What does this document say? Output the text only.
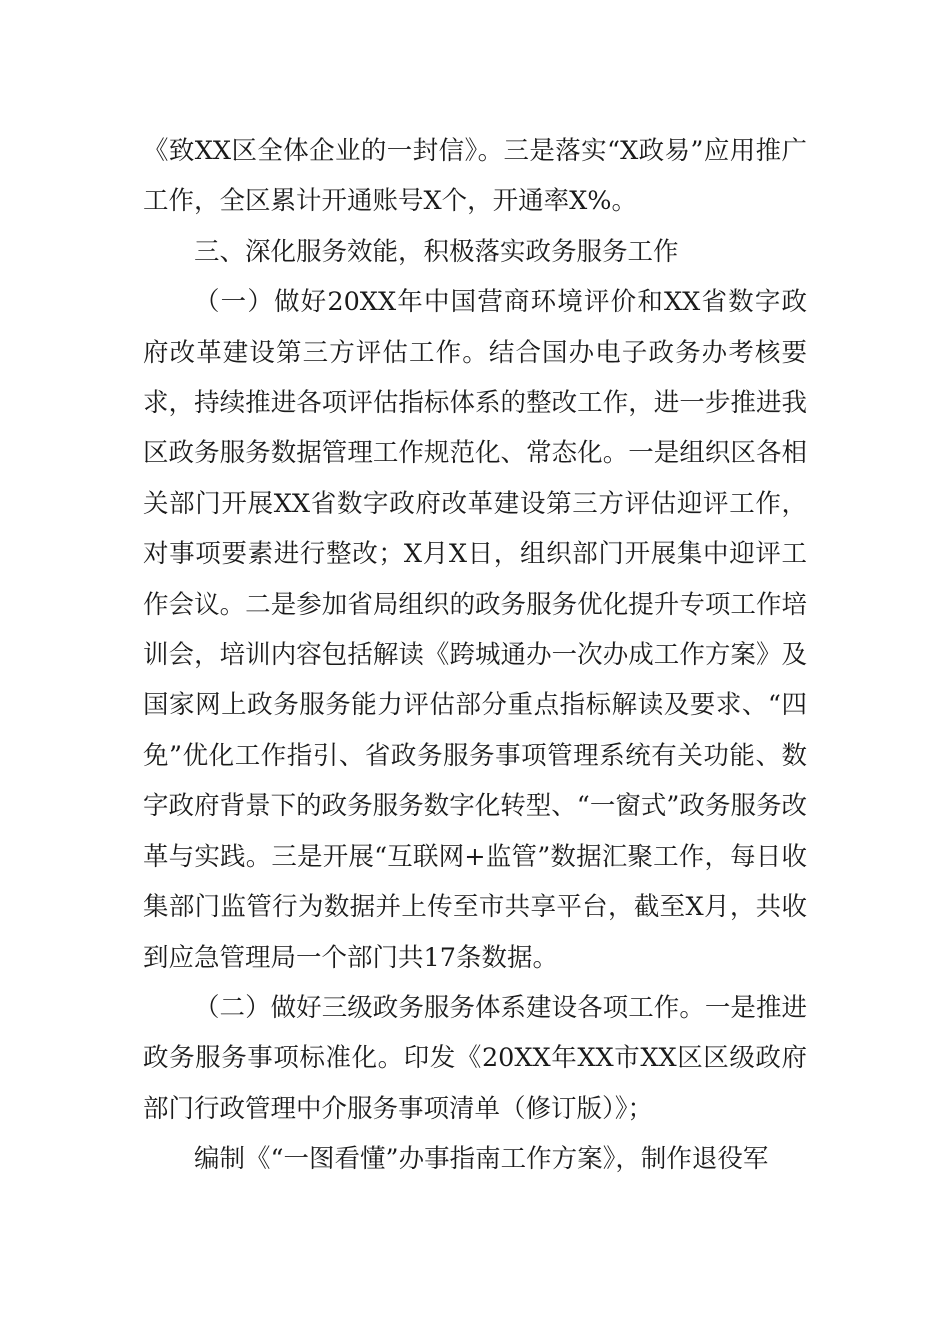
《致XX区全体企业的一封信》。三是落实“X政易”应用推广工作，全区累计开通账号X个，开通率X%。

三、深化服务效能，积极落实政务服务工作

（一）做好20XX年中国营商环境评价和XX省数字政府改革建设第三方评估工作。结合国办电子政务办考核要求，持续推进各项评估指标体系的整改工作，进一步推进我区政务服务数据管理工作规范化、常态化。一是组织区各相关部门开展XX省数字政府改革建设第三方评估迎评工作，对事项要素进行整改；X月X日，组织部门开展集中迎评工作会议。二是参加省局组织的政务服务优化提升专项工作培训会，培训内容包括解读《跨城通办一次办成工作方案》及国家网上政务服务能力评估部分重点指标解读及要求、“四免”优化工作指引、省政务服务事项管理系统有关功能、数字政府背景下的政务服务数字化转型、“一窗式”政务服务改革与实践。三是开展“互联网+监管”数据汇聚工作，每日收集部门监管行为数据并上传至市共享平台，截至X月，共收到应急管理局一个部门共17条数据。

（二）做好三级政务服务体系建设各项工作。一是推进政务服务事项标准化。印发《20XX年XX市XX区区级政府部门行政管理中介服务事项清单（修订版）》；

编制《“一图看懂”办事指南工作方案》，制作退役军
